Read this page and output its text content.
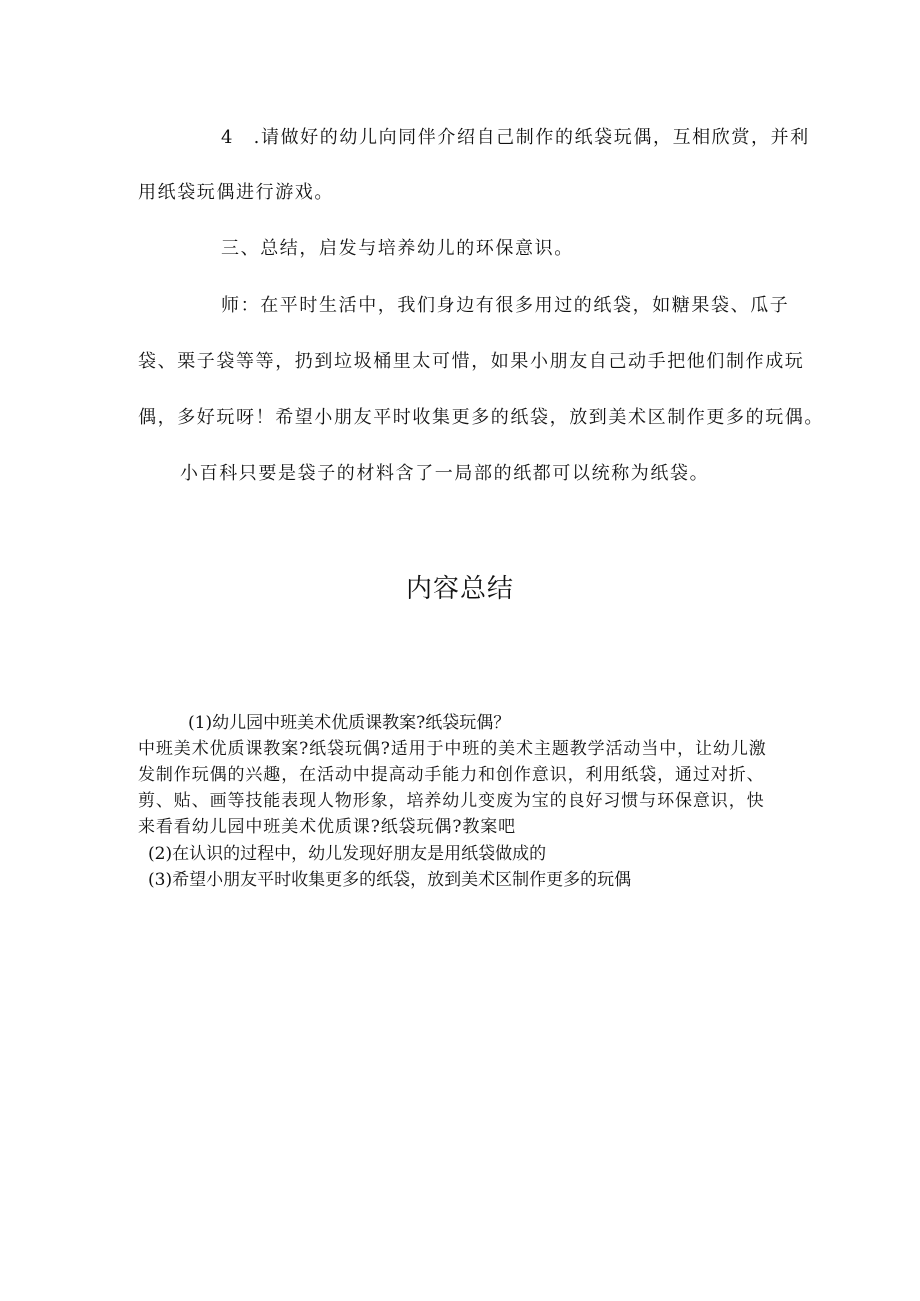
4　.请做好的幼儿向同伴介绍自己制作的纸袋玩偶，互相欣赏，并利

用纸袋玩偶进行游戏。

三、总结，启发与培养幼儿的环保意识。

师：在平时生活中，我们身边有很多用过的纸袋，如糖果袋、瓜子

袋、栗子袋等等，扔到垃圾桶里太可惜，如果小朋友自己动手把他们制作成玩

偶，多好玩呀！希望小朋友平时收集更多的纸袋，放到美术区制作更多的玩偶。

小百科只要是袋子的材料含了一局部的纸都可以统称为纸袋。

内容总结

(1)幼儿园中班美术优质课教案?纸袋玩偶？

中班美术优质课教案?纸袋玩偶?适用于中班的美术主题教学活动当中，让幼儿激发制作玩偶的兴趣，在活动中提高动手能力和创作意识，利用纸袋，通过对折、剪、贴、画等技能表现人物形象，培养幼儿变废为宝的良好习惯与环保意识，快来看看幼儿园中班美术优质课?纸袋玩偶?教案吧

(2)在认识的过程中，幼儿发现好朋友是用纸袋做成的

(3)希望小朋友平时收集更多的纸袋，放到美术区制作更多的玩偶
